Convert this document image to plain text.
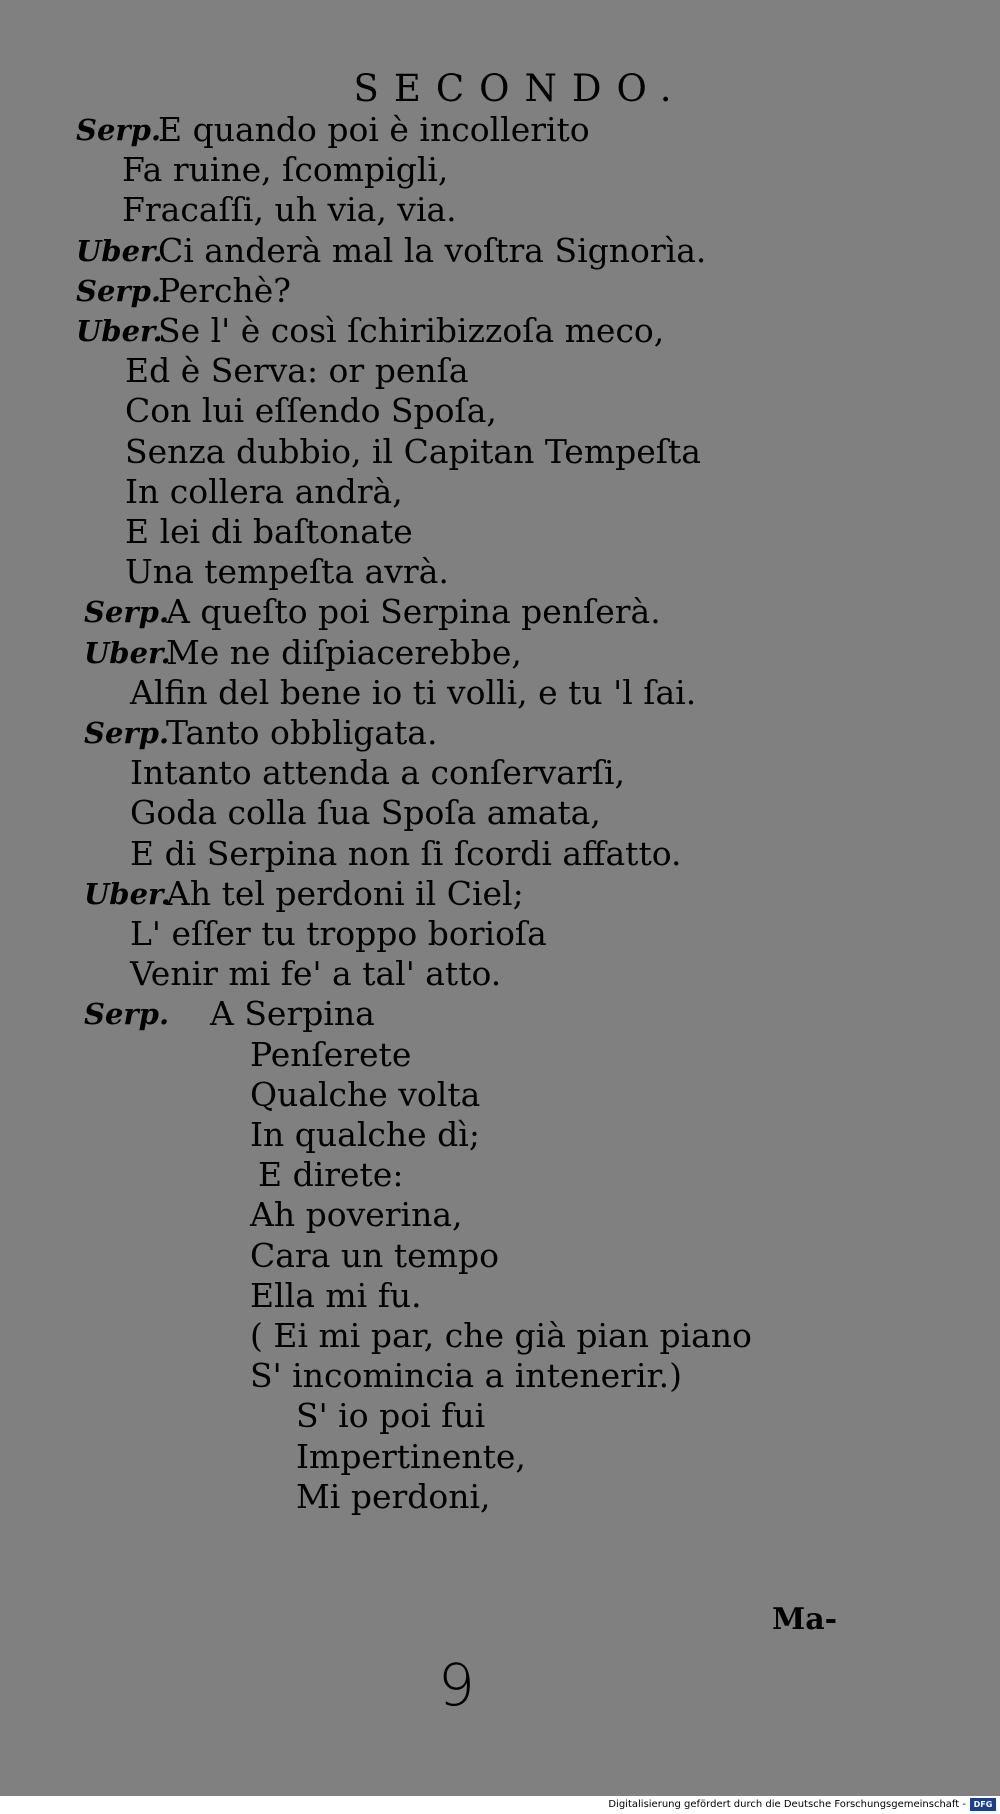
SECONDO.
Serp.
E quando poi è incollerito
Fa ruine, ſcompigli,
Fracaſſi, uh via, via.
Uber.
Ci anderà mal la voſtra Signorìa.
Serp.
Perchè?
Uber.
Se l' è così ſchiribizzoſa meco,
Ed è Serva: or penſa
Con lui eſſendo Spoſa,
Senza dubbio, il Capitan Tempeſta
In collera andrà,
E lei di baſtonate
Una tempeſta avrà.
Serp.
A queſto poi Serpina penſerà.
Uber.
Me ne diſpiacerebbe,
Alfin del bene io ti volli, e tu 'l ſai.
Serp.
Tanto obbligata.
Intanto attenda a conſervarſi,
Goda colla ſua Spoſa amata,
E di Serpina non ſi ſcordi affatto.
Uber.
Ah tel perdoni il Ciel;
L' eſſer tu troppo borioſa
Venir mi fe' a tal' atto.
Serp. A Serpina
Penſerete
Qualche volta
In qualche dì;
E direte:
Ah poverina,
Cara un tempo
Ella mi fu.
( Ei mi par, che già pian piano
S' incomincia a intenerir.)
S' io poi fui
Impertinente,
Mi perdoni,
Ma-
9
Digitalisierung gefördert durch die Deutsche Forschungsgemeinschaft - DFG
